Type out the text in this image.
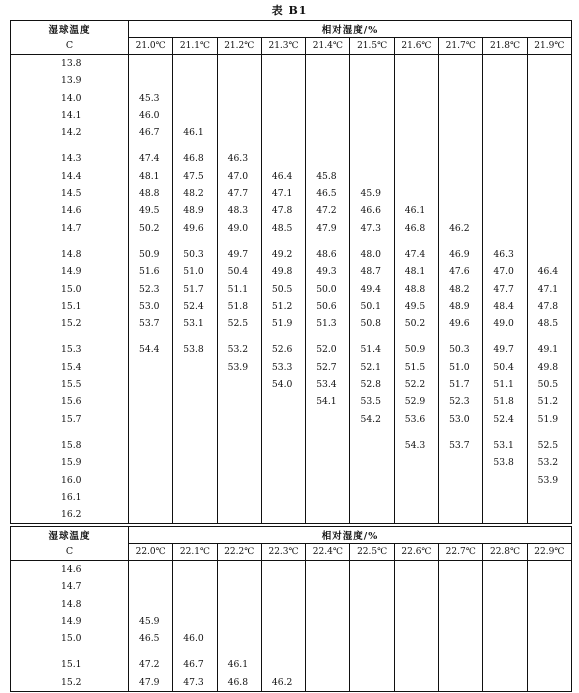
表 B1
湿球温度	相对湿度/%									
C	21.0℃	21.1℃	21.2℃	21.3℃	21.4℃	21.5℃	21.6℃	21.7℃	21.8℃	21.9℃
13.8										
13.9										
14.0	45.3									
14.1	46.0									
14.2	46.7	46.1								

14.3	47.4	46.8	46.3							
14.4	48.1	47.5	47.0	46.4	45.8					
14.5	48.8	48.2	47.7	47.1	46.5	45.9				
14.6	49.5	48.9	48.3	47.8	47.2	46.6	46.1			
14.7	50.2	49.6	49.0	48.5	47.9	47.3	46.8	46.2		

14.8	50.9	50.3	49.7	49.2	48.6	48.0	47.4	46.9	46.3	
14.9	51.6	51.0	50.4	49.8	49.3	48.7	48.1	47.6	47.0	46.4
15.0	52.3	51.7	51.1	50.5	50.0	49.4	48.8	48.2	47.7	47.1
15.1	53.0	52.4	51.8	51.2	50.6	50.1	49.5	48.9	48.4	47.8
15.2	53.7	53.1	52.5	51.9	51.3	50.8	50.2	49.6	49.0	48.5

15.3	54.4	53.8	53.2	52.6	52.0	51.4	50.9	50.3	49.7	49.1
15.4			53.9	53.3	52.7	52.1	51.5	51.0	50.4	49.8
15.5				54.0	53.4	52.8	52.2	51.7	51.1	50.5
15.6					54.1	53.5	52.9	52.3	51.8	51.2
15.7						54.2	53.6	53.0	52.4	51.9

15.8							54.3	53.7	53.1	52.5
15.9									53.8	53.2
16.0										53.9
16.1										
16.2										
湿球温度	相对湿度/%									
C	22.0℃	22.1℃	22.2℃	22.3℃	22.4℃	22.5℃	22.6℃	22.7℃	22.8℃	22.9℃
14.6										
14.7										
14.8										
14.9	45.9									
15.0	46.5	46.0								

15.1	47.2	46.7	46.1							
15.2	47.9	47.3	46.8	46.2						
